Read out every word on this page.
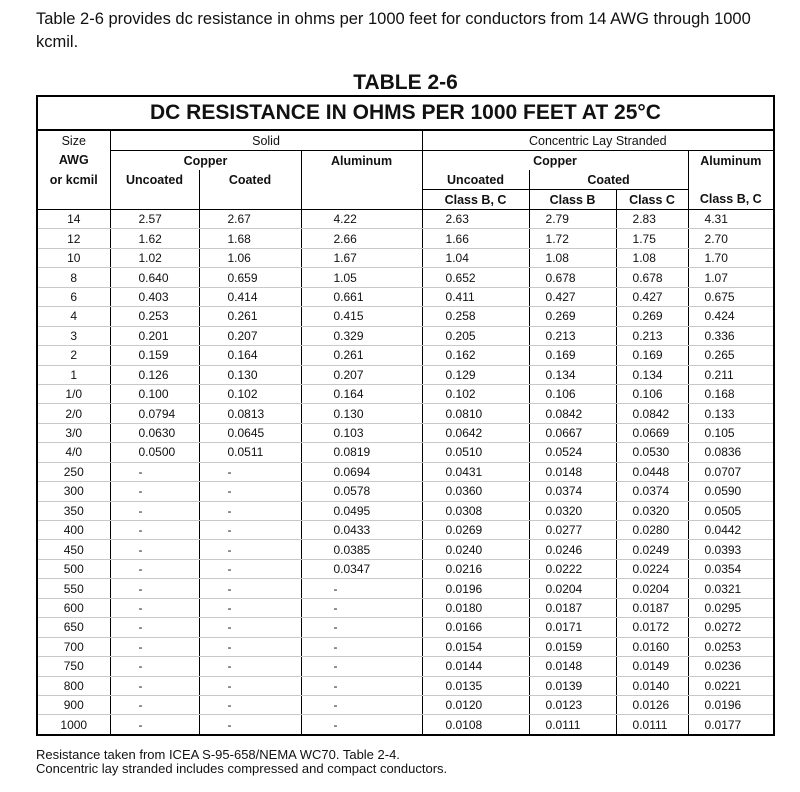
Table 2-6 provides dc resistance in ohms per 1000 feet for conductors from 14 AWG through 1000 kcmil.

TABLE 2-6
DC RESISTANCE IN OHMS PER 1000 FEET AT 25°C
Size	Solid			Concentric Lay Stranded			
AWG	Copper		Aluminum	Copper			Aluminum
or kcmil	Uncoated	Coated		Uncoated	Coated		
				Class B, C	Class B	Class C	Class B, C
14	2.57	2.67	4.22	2.63	2.79	2.83	4.31
12	1.62	1.68	2.66	1.66	1.72	1.75	2.70
10	1.02	1.06	1.67	1.04	1.08	1.08	1.70
8	0.640	0.659	1.05	0.652	0.678	0.678	1.07
6	0.403	0.414	0.661	0.411	0.427	0.427	0.675
4	0.253	0.261	0.415	0.258	0.269	0.269	0.424
3	0.201	0.207	0.329	0.205	0.213	0.213	0.336
2	0.159	0.164	0.261	0.162	0.169	0.169	0.265
1	0.126	0.130	0.207	0.129	0.134	0.134	0.211
1/0	0.100	0.102	0.164	0.102	0.106	0.106	0.168
2/0	0.0794	0.0813	0.130	0.0810	0.0842	0.0842	0.133
3/0	0.0630	0.0645	0.103	0.0642	0.0667	0.0669	0.105
4/0	0.0500	0.0511	0.0819	0.0510	0.0524	0.0530	0.0836
250	-	-	0.0694	0.0431	0.0148	0.0448	0.0707
300	-	-	0.0578	0.0360	0.0374	0.0374	0.0590
350	-	-	0.0495	0.0308	0.0320	0.0320	0.0505
400	-	-	0.0433	0.0269	0.0277	0.0280	0.0442
450	-	-	0.0385	0.0240	0.0246	0.0249	0.0393
500	-	-	0.0347	0.0216	0.0222	0.0224	0.0354
550	-	-	-	0.0196	0.0204	0.0204	0.0321
600	-	-	-	0.0180	0.0187	0.0187	0.0295
650	-	-	-	0.0166	0.0171	0.0172	0.0272
700	-	-	-	0.0154	0.0159	0.0160	0.0253
750	-	-	-	0.0144	0.0148	0.0149	0.0236
800	-	-	-	0.0135	0.0139	0.0140	0.0221
900	-	-	-	0.0120	0.0123	0.0126	0.0196
1000	-	-	-	0.0108	0.0111	0.0111	0.0177
Resistance taken from ICEA S-95-658/NEMA WC70. Table 2-4.
Concentric lay stranded includes compressed and compact conductors.
